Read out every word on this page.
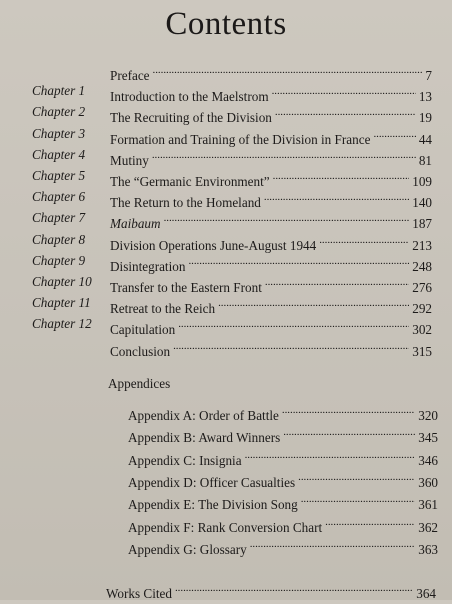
Contents
Preface . . .	7
Chapter 1	Introduction to the Maelstrom . . .	13
Chapter 2	The Recruiting of the Division . . .	19
Chapter 3	Formation and Training of the Division in France . . .	44
Chapter 4	Mutiny . . .	81
Chapter 5	The “Germanic Environment” . . .	109
Chapter 6	The Return to the Homeland . . .	140
Chapter 7	Maibaum . . .	187
Chapter 8	Division Operations June-August 1944 . . .	213
Chapter 9	Disintegration . . .	248
Chapter 10	Transfer to the Eastern Front . . .	276
Chapter 11	Retreat to the Reich . . .	292
Chapter 12	Capitulation . . .	302
Conclusion . . .	315
Appendices
Appendix A: Order of Battle . . .	320
Appendix B: Award Winners . . .	345
Appendix C: Insignia . . .	346
Appendix D: Officer Casualties . . .	360
Appendix E: The Division Song . . .	361
Appendix F: Rank Conversion Chart . . .	362
Appendix G: Glossary . . .	363
Works Cited . . .	364
